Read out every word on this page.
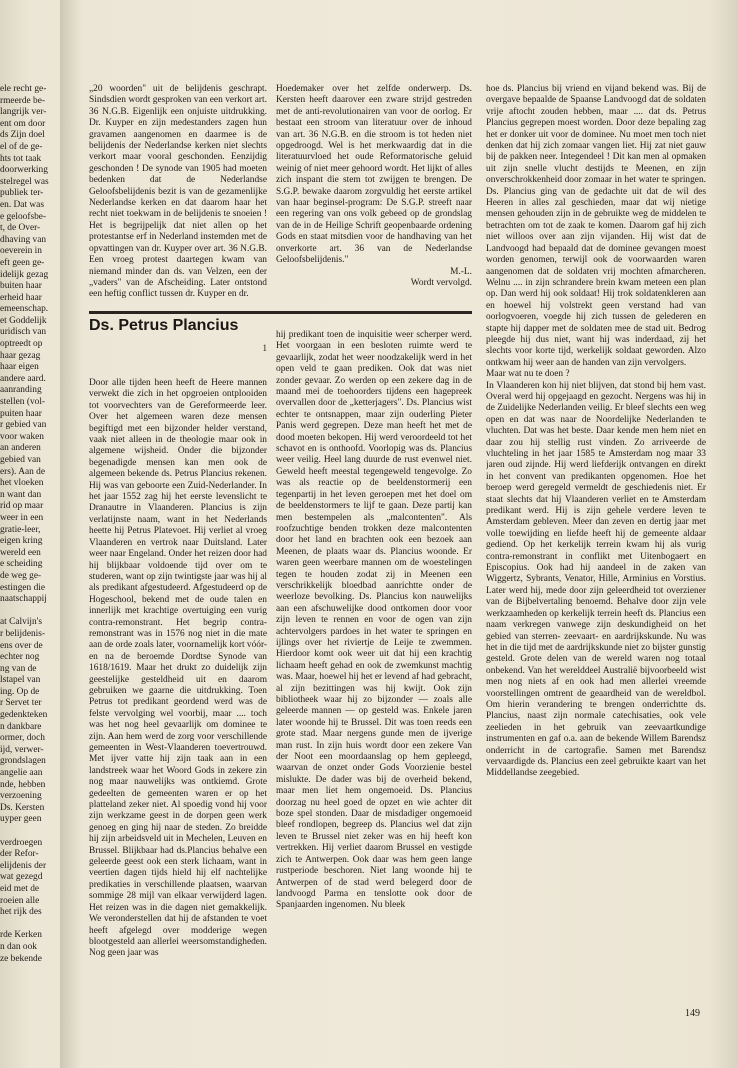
ele recht ge-
rmeerde be-
langrijk ver-
ent om door
ds Zijn doel
el of de ge-
hts tot taak
doorwerking
stelregel was
publiek ter-
en. Dat was
e geloofsbe-
t, de Over-
dhaving van
oeverein in
eft geen ge-
idelijk gezag
buiten haar
erheid haar
emeenschap.
et Goddelijk
uridisch van
optreedt op
haar gezag
haar eigen
andere aard.
aanranding
stellen (vol-
puiten haar
r gebied van
voor waken
an anderen
gebied van
ers). Aan de
het vloeken
n want dan
rid op maar
weer in een
gratie-leer,
eigen kring
wereld een
e scheiding
de weg ge-
estingen die
naatschappij

at Calvijn's
r belijdenis-
ens over de
echter nog
ng van de
lstapel van
ing. Op de
r Servet ter
gedenkteken
n dankbare
ormer, doch
ijd, verwer-
grondslagen
angelie aan
nde, hebben
verzoening
Ds. Kersten
uyper geen

verdroegen
der Refor-
elijdenis der
wat gezegd
eid met de
roeien alle
het rijk des

rde Kerken
n dan ook
ze bekende

„20 woorden" uit de belijdenis geschrapt. Sindsdien wordt gesproken van een verkort art. 36 N.G.B. Eigenlijk een onjuiste uitdrukking. Dr. Kuyper en zijn medestanders zagen hun gravamen aangenomen en daarmee is de belijdenis der Nederlandse kerken niet slechts verkort maar vooral geschonden. Eenzijdig geschonden ! De synode van 1905 had moeten bedenken dat de Nederlandse Geloofsbelijdenis bezit is van de gezamenlijke Nederlandse kerken en dat daarom haar het recht niet toekwam in de belijdenis te snoeien ! Het is begrijpelijk dat niet allen op het protestantse erf in Nederland instemden met de opvattingen van dr. Kuyper over art. 36 N.G.B. Een vroeg protest daartegen kwam van niemand minder dan ds. van Velzen, een der „vaders" van de Afscheiding. Later ontstond een heftig conflict tussen dr. Kuyper en dr.

Hoedemaker over het zelfde onderwerp. Ds. Kersten heeft daarover een zware strijd gestreden met de anti-revolutionairen van voor de oorlog. Er bestaat een stroom van literatuur over de inhoud van art. 36 N.G.B. en die stroom is tot heden niet opgedroogd. Wel is het merkwaardig dat in die literatuurvloed het oude Reformatorische geluid weinig of niet meer gehoord wordt. Het lijkt of alles zich inspant die stem tot zwijgen te brengen. De S.G.P. bewake daarom zorgvuldig het eerste artikel van haar beginsel-program: De S.G.P. streeft naar een regering van ons volk gebeed op de grondslag van de in de Heilige Schrift geopenbaarde ordening Gods en staat mitsdien voor de handhaving van het onverkorte art. 36 van de Nederlandse Geloofsbelijdenis."

M.-L.

Wordt vervolgd.

Ds. Petrus Plancius
1

Door alle tijden heen heeft de Heere mannen verwekt die zich in het opgroeien ontplooiden tot voorvechters van de Gereformeerde leer. Over het algemeen waren deze mensen begiftigd met een bijzonder helder verstand, vaak niet alleen in de theologie maar ook in algemene wijsheid. Onder die bijzonder begenadigde mensen kan men ook de algemeen bekende ds. Petrus Plancius rekenen. Hij was van geboorte een Zuid-Nederlander. In het jaar 1552 zag hij het eerste levenslicht te Dranautre in Vlaanderen. Plancius is zijn verlatijnste naam, want in het Nederlands heette hij Petrus Platevoet. Hij verliet al vroeg Vlaanderen en vertrok naar Duitsland. Later weer naar Engeland. Onder het reizen door had hij blijkbaar voldoende tijd over om te studeren, want op zijn twintigste jaar was hij al als predikant afgestudeerd. Afgestudeerd op de Hogeschool, bekend met de oude talen en innerlijk met krachtige overtuiging een vurig contra-remonstrant. Het begrip contra-remonstrant was in 1576 nog niet in die mate aan de orde zoals later, voornamelijk kort vóór- en na de beroemde Dordtse Synode van 1618/1619. Maar het drukt zo duidelijk zijn geestelijke gesteldheid uit en daarom gebruiken we gaarne die uitdrukking. Toen Petrus tot predikant geordend werd was de felste vervolging wel voorbij, maar .... toch was het nog heel gevaarlijk om dominee te zijn. Aan hem werd de zorg voor verschillende gemeenten in West-Vlaanderen toevertrouwd. Met ijver vatte hij zijn taak aan in een landstreek waar het Woord Gods in zekere zin nog maar nauwelijks was ontkiemd. Grote gedeelten de gemeenten waren er op het platteland zeker niet. Al spoedig vond hij voor zijn werkzame geest in de dorpen geen werk genoeg en ging hij naar de steden. Zo breidde hij zijn arbeidsveld uit in Mechelen, Leuven en Brussel. Blijkbaar had ds.Plancius behalve een geleerde geest ook een sterk lichaam, want in veertien dagen tijds hield hij elf nachtelijke predikaties in verschillende plaatsen, waarvan sommige 28 mijl van elkaar verwijderd lagen. Het reizen was in die dagen niet gemakkelijk. We veronderstellen dat hij de afstanden te voet heeft afgelegd over modderige wegen blootgesteld aan allerlei weersomstandigheden. Nog geen jaar was

hij predikant toen de inquisitie weer scherper werd. Het voorgaan in een besloten ruimte werd te gevaarlijk, zodat het weer noodzakelijk werd in het open veld te gaan prediken. Ook dat was niet zonder gevaar. Zo werden op een zekere dag in de maand mei de toehoorders tijdens een hagepreek overvallen door de „ketterjagers". Ds. Plancius wist echter te ontsnappen, maar zijn ouderling Pieter Panis werd gegrepen. Deze man heeft het met de dood moeten bekopen. Hij werd veroordeeld tot het schavot en is onthoofd. Voorlopig was ds. Plancius weer veilig. Heel lang duurde de rust evenwel niet. Geweld heeft meestal tegengeweld tengevolge. Zo was als reactie op de beeldenstormerij een tegenpartij in het leven geroepen met het doel om de beeldenstormers te lijf te gaan. Deze partij kan men bestempelen als „malcontenten". Als roofzuchtige benden trokken deze malcontenten door het land en brachten ook een bezoek aan Meenen, de plaats waar ds. Plancius woonde. Er waren geen weerbare mannen om de woestelingen tegen te houden zodat zij in Meenen een verschrikkelijk bloedbad aanrichtte onder de weerloze bevolking. Ds. Plancius kon nauwelijks aan een afschuwelijke dood ontkomen door voor zijn leven te rennen en voor de ogen van zijn achtervolgers pardoes in het water te springen en ijlings over het riviertje de Leije te zwemmen. Hierdoor komt ook weer uit dat hij een krachtig lichaam heeft gehad en ook de zwemkunst machtig was. Maar, hoewel hij het er levend af had gebracht, al zijn bezittingen was hij kwijt. Ook zijn bibliotheek waar hij zo bijzonder — zoals alle geleerde mannen — op gesteld was. Enkele jaren later woonde hij te Brussel. Dit was toen reeds een grote stad. Maar nergens gunde men de ijverige man rust. In zijn huis wordt door een zekere Van der Noot een moordaanslag op hem gepleegd, waarvan de onzet onder Gods Voorzienie bestel mislukte. De dader was bij de overheid bekend, maar men liet hem ongemoeid. Ds. Plancius doorzag nu heel goed de opzet en wie achter dit boze spel stonden. Daar de misdadiger ongemoeid bleef rondlopen, begreep ds. Plancius wel dat zijn leven te Brussel niet zeker was en hij heeft kon vertrekken. Hij verliet daarom Brussel en vestigde zich te Antwerpen. Ook daar was hem geen lange rustperiode beschoren. Niet lang woonde hij te Antwerpen of de stad werd belegerd door de landvoogd Parma en tenslotte ook door de Spanjaarden ingenomen. Nu bleek

hoe ds. Plancius bij vriend en vijand bekend was. Bij de overgave bepaalde de Spaanse Landvoogd dat de soldaten vrije aftocht zouden hebben, maar .... dat ds. Petrus Plancius gegrepen moest worden. Door deze bepaling zag het er donker uit voor de dominee. Nu moet men toch niet denken dat hij zich zomaar vangen liet. Hij zat niet gauw bij de pakken neer. Integendeel ! Dit kan men al opmaken uit zijn snelle vlucht destijds te Meenen, en zijn onverschrokkenheid door zomaar in het water te springen. Ds. Plancius ging van de gedachte uit dat de wil des Heeren in alles zal geschieden, maar dat wij nietige mensen gehouden zijn in de gebruikte weg de middelen te betrachten om tot de zaak te komen. Daarom gaf hij zich niet willoos over aan zijn vijanden. Hij wist dat de Landvoogd had bepaald dat de dominee gevangen moest worden genomen, terwijl ook de voorwaarden waren aangenomen dat de soldaten vrij mochten afmarcheren. Welnu .... in zijn schrandere brein kwam meteen een plan op. Dan werd hij ook soldaat! Hij trok soldatenkleren aan en hoewel hij volstrekt geen verstand had van oorlogvoeren, voegde hij zich tussen de gelederen en stapte hij dapper met de soldaten mee de stad uit. Bedrog pleegde hij dus niet, want hij was inderdaad, zij het slechts voor korte tijd, werkelijk soldaat geworden. Alzo ontkwam hij weer aan de handen van zijn vervolgers.

Maar wat nu te doen ?

In Vlaanderen kon hij niet blijven, dat stond bij hem vast. Overal werd hij opgejaagd en gezocht. Nergens was hij in de Zuidelijke Nederlanden veilig. Er bleef slechts een weg open en dat was naar de Noordelijke Nederlanden te vluchten. Dat was het beste. Daar kende men hem niet en daar zou hij stellig rust vinden. Zo arriveerde de vluchteling in het jaar 1585 te Amsterdam nog maar 33 jaren oud zijnde. Hij werd liefderijk ontvangen en direkt in het convent van predikanten opgenomen. Hoe het beroep werd geregeld vermeldt de geschiedenis niet. Er staat slechts dat hij Vlaanderen verliet en te Amsterdam predikant werd. Hij is zijn gehele verdere leven te Amsterdam gebleven. Meer dan zeven en dertig jaar met volle toewijding en liefde heeft hij de gemeente aldaar gediend. Op het kerkelijk terrein kwam hij als vurig contra-remonstrant in conflikt met Uitenbogaert en Episcopius. Ook had hij aandeel in de zaken van Wiggertz, Sybrants, Venator, Hille, Arminius en Vorstius. Later werd hij, mede door zijn geleerdheid tot overziener van de Bijbelvertaling benoemd. Behalve door zijn vele werkzaamheden op kerkelijk terrein heeft ds. Plancius een naam verkregen vanwege zijn deskundigheid on het gebied van sterren- zeevaart- en aardrijkskunde. Nu was het in die tijd met de aardrijkskunde niet zo bijster gunstig gesteld. Grote delen van de wereld waren nog totaal onbekend. Van het werelddeel Australië bijvoorbeeld wist men nog niets af en ook had men allerlei vreemde voorstellingen omtrent de geaardheid van de wereldbol. Om hierin verandering te brengen onderrichtte ds. Plancius, naast zijn normale catechisaties, ook vele zeelieden in het gebruik van zeevaartkundige instrumenten en gaf o.a. aan de bekende Willem Barendsz onderricht in de cartografie. Samen met Barendsz vervaardigde ds. Plancius een zeel gebruikte kaart van het Middellandse zeegebied.

149
